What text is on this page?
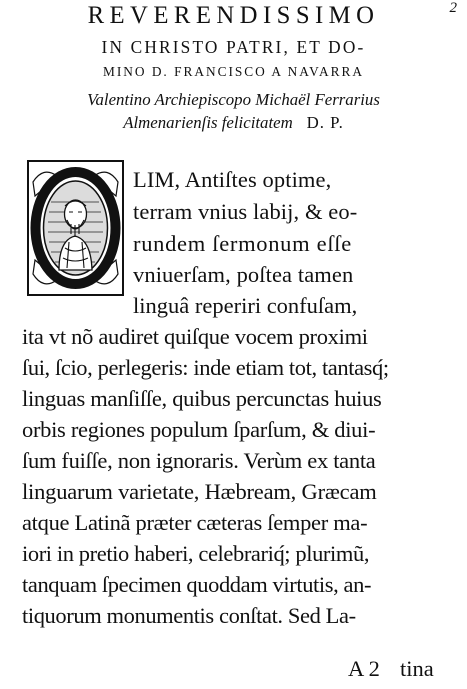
2
REVERENDISSIMO
IN CHRISTO PATRI, ET DO-
MINO D. FRANCISCO A NAVARRA
Valentino Archiepiscopo Michaël Ferrarius
Almenarienſis felicitatem D. P.
LIM, Antiſtes optime,
terram vnius labij, & eo-
rundem ſermonum eſſe
vniuerſam, poſtea tamen
linguâ reperiri confuſam,
ita vt nõ audiret quiſque vocem proximi
ſui, ſcio, perlegeris: inde etiam tot, tantasq́;
linguas manſiſſe, quibus percunctas huius
orbis regiones populum ſparſum, & diui-
ſum fuiſſe, non ignoraris. Verùm ex tanta
linguarum varietate, Hæbream, Græcam
atque Latinã præter cæteras ſemper ma-
iori in pretio haberi, celebrariq́; plurimũ,
tanquam ſpecimen quoddam virtutis, an-
tiquorum monumentis conſtat. Sed La-
A 2 tina
